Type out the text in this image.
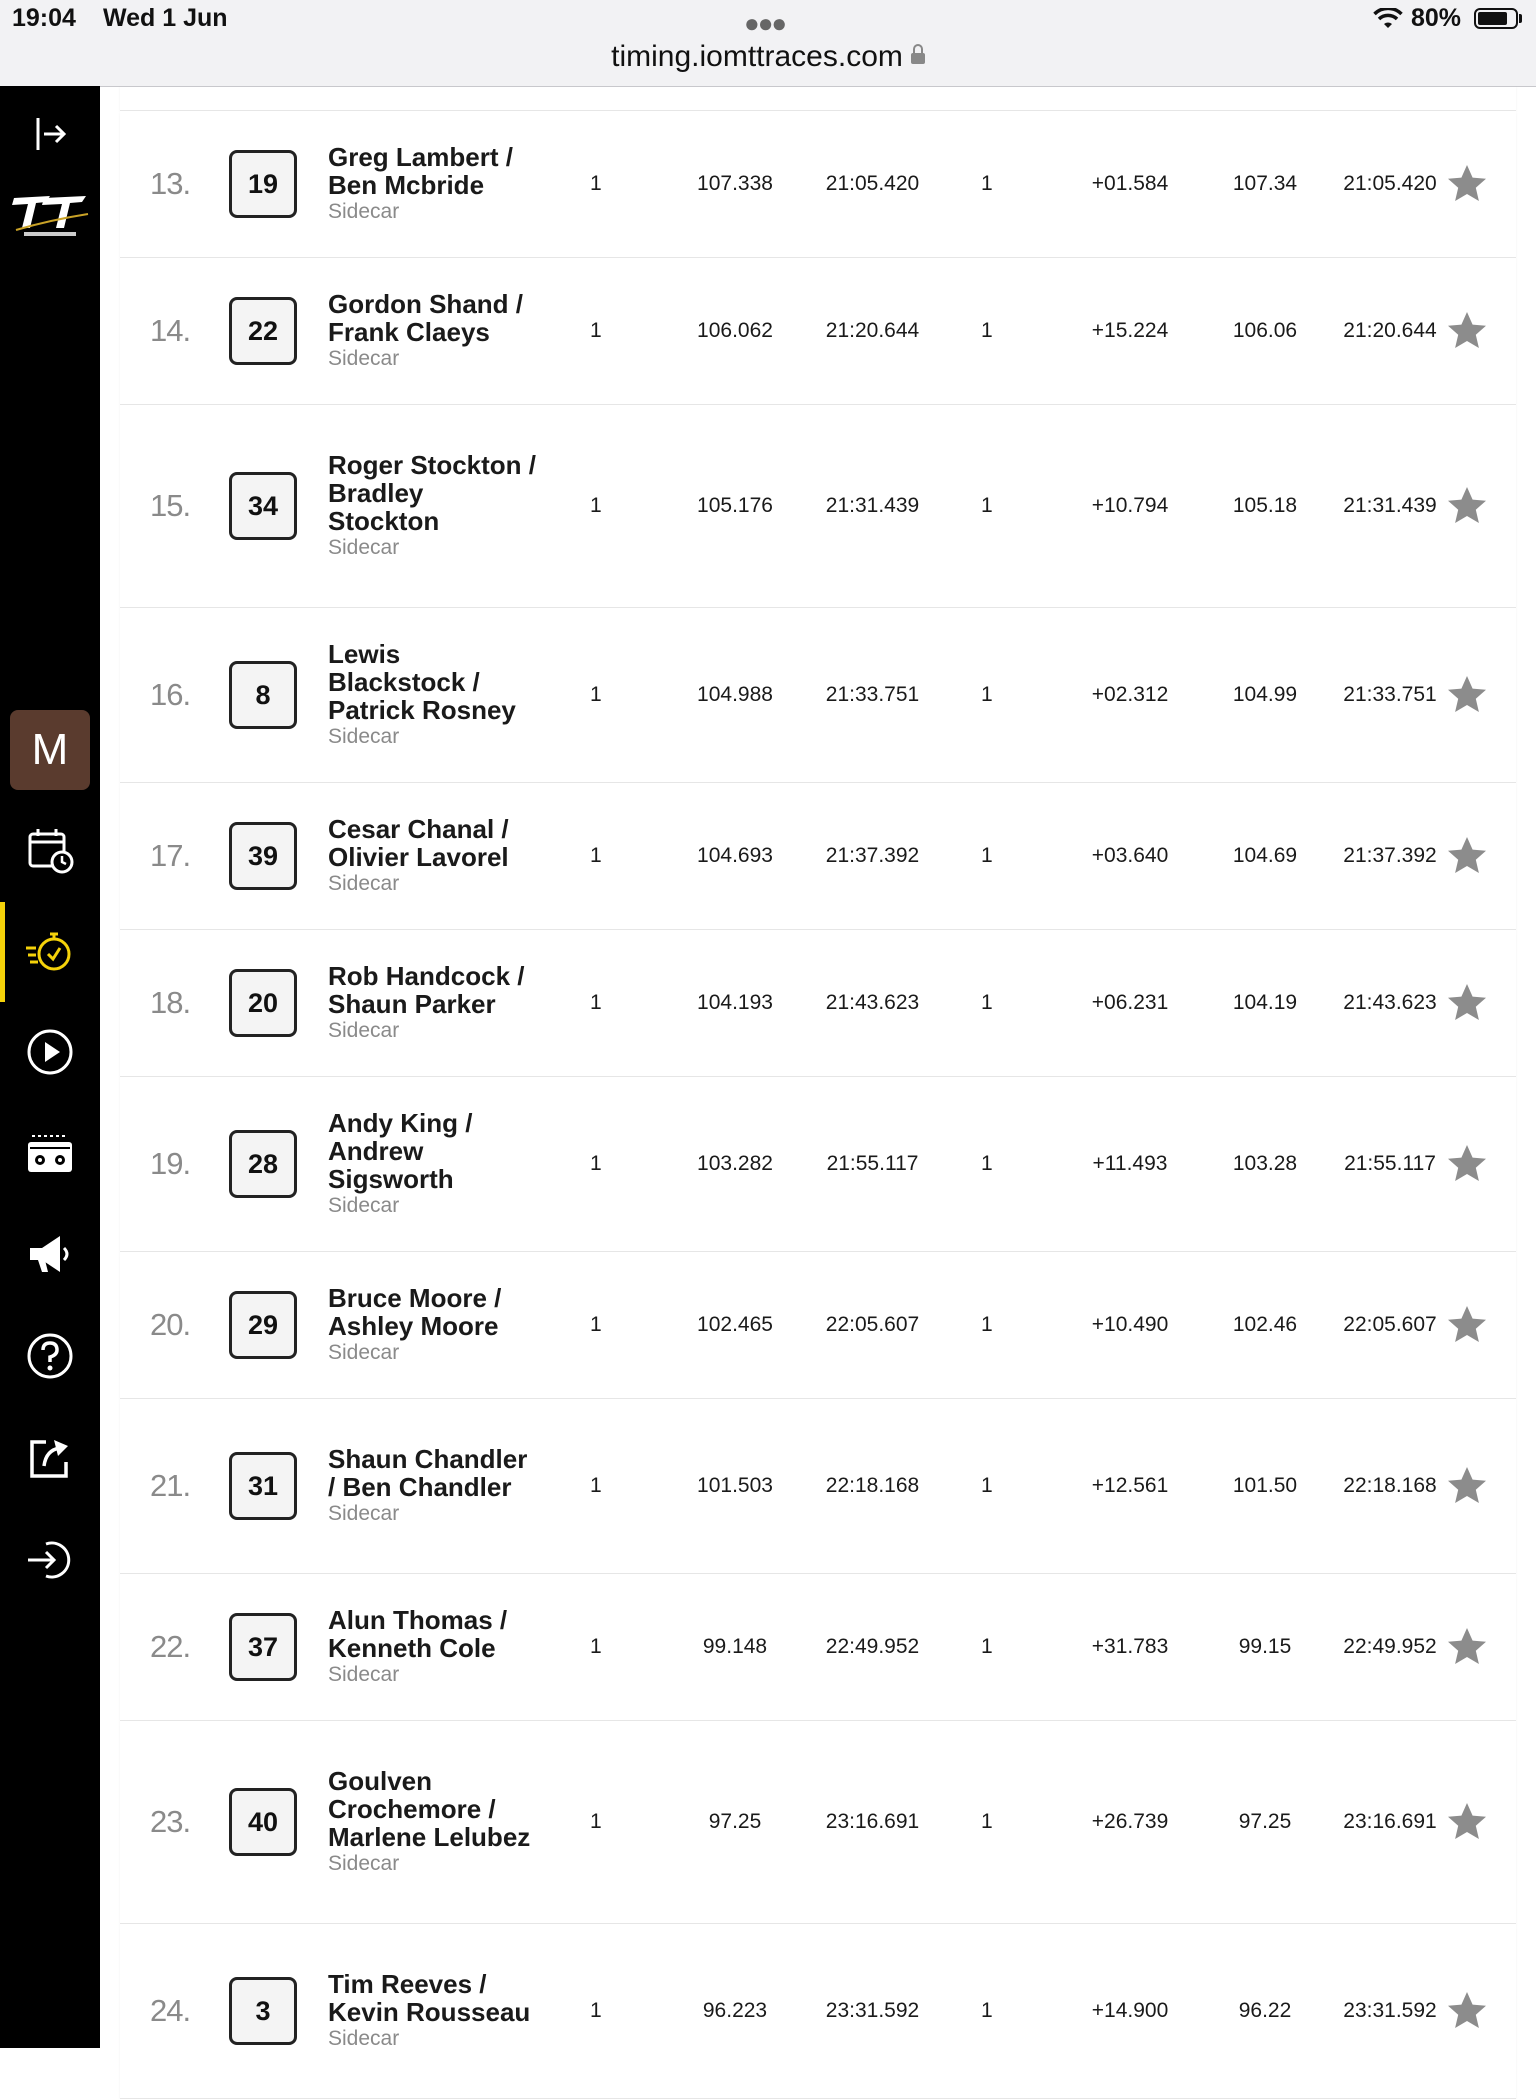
19:04 Wed 1 Jun	●●●
timing.iomttraces.com
80%
M
13.	19
Greg Lambert / Ben Mcbride
Sidecar
1	107.338	21:05.420	1	+01.584	107.34	21:05.420
14.	22
Gordon Shand / Frank Claeys
Sidecar
1	106.062	21:20.644	1	+15.224	106.06	21:20.644
15.	34
Roger Stockton / Bradley Stockton
Sidecar
1	105.176	21:31.439	1	+10.794	105.18	21:31.439
16.	8
Lewis Blackstock / Patrick Rosney
Sidecar
1	104.988	21:33.751	1	+02.312	104.99	21:33.751
17.	39
Cesar Chanal / Olivier Lavorel
Sidecar
1	104.693	21:37.392	1	+03.640	104.69	21:37.392
18.	20
Rob Handcock / Shaun Parker
Sidecar
1	104.193	21:43.623	1	+06.231	104.19	21:43.623
19.	28
Andy King / Andrew Sigsworth
Sidecar
1	103.282	21:55.117	1	+11.493	103.28	21:55.117
20.	29
Bruce Moore / Ashley Moore
Sidecar
1	102.465	22:05.607	1	+10.490	102.46	22:05.607
21.	31
Shaun Chandler / Ben Chandler
Sidecar
1	101.503	22:18.168	1	+12.561	101.50	22:18.168
22.	37
Alun Thomas / Kenneth Cole
Sidecar
1	99.148	22:49.952	1	+31.783	99.15	22:49.952
23.	40
Goulven Crochemore / Marlene Lelubez
Sidecar
1	97.25	23:16.691	1	+26.739	97.25	23:16.691
24.	3
Tim Reeves / Kevin Rousseau
Sidecar
1	96.223	23:31.592	1	+14.900	96.22	23:31.592
